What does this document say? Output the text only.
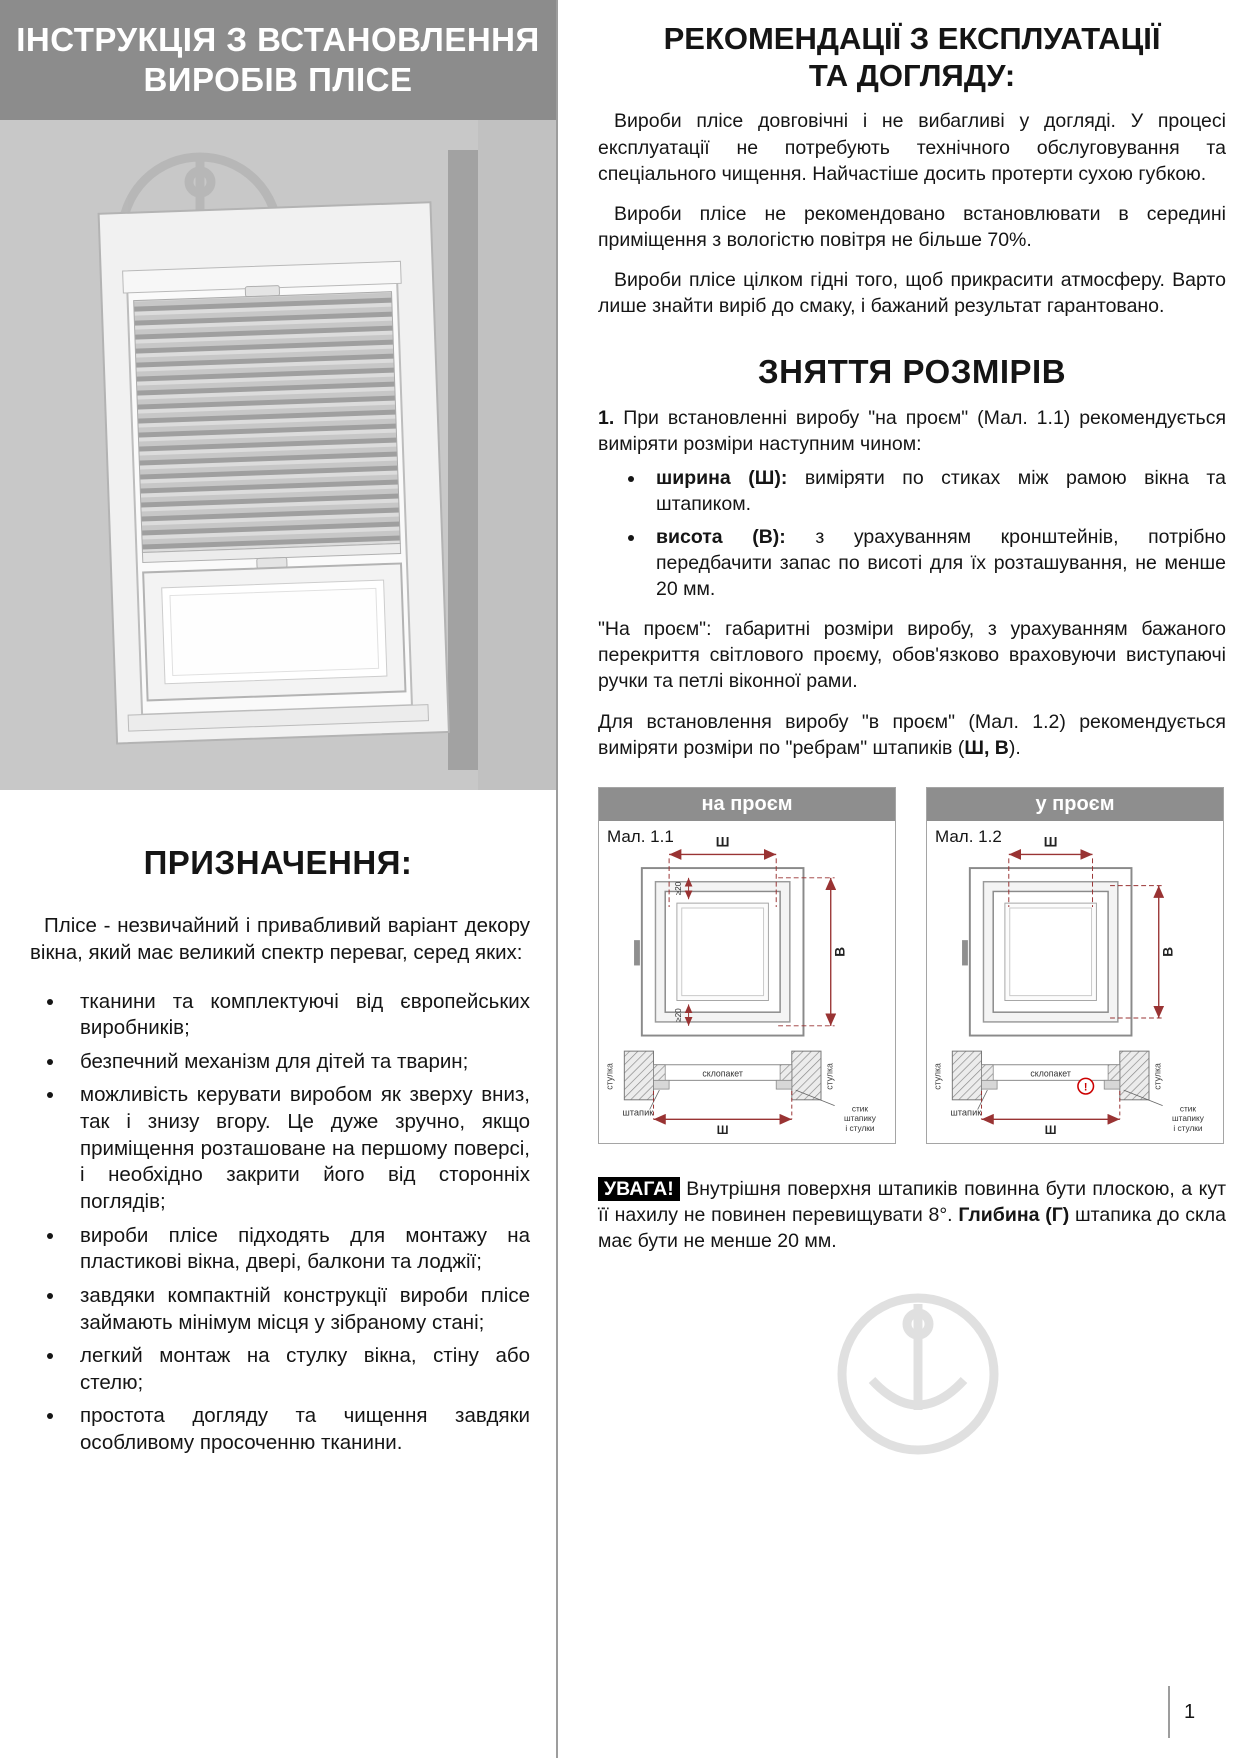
ІНСТРУКЦІЯ З ВСТАНОВЛЕННЯ
ВИРОБІВ ПЛІСЕ
ПРИЗНАЧЕННЯ:

Плісе - незвичайний і привабливий варіант декору вікна, який має великий спектр переваг, серед яких:

• тканини та комплектуючі від європейських виробників;
• безпечний механізм для дітей та тварин;
• можливість керувати виробом як зверху вниз, так і знизу вгору. Це дуже зручно, якщо приміщення розташоване на першому поверсі, і необхідно закрити його від сторонніх поглядів;
• вироби плісе підходять для монтажу на пластикові вікна, двері, балкони та лоджії;
• завдяки компактній конструкції вироби плісе займають мінімум місця у зібраному стані;
• легкий монтаж на стулку вікна, стіну або стелю;
• простота догляду та чищення завдяки особливому просоченню тканини.
РЕКОМЕНДАЦІЇ З ЕКСПЛУАТАЦІЇ
ТА ДОГЛЯДУ:

Вироби плісе довговічні і не вибагливі у догляді. У процесі експлуатації не потребують технічного обслуговування та спеціального чищення. Найчастіше досить протерти сухою губкою.

Вироби плісе не рекомендовано встановлювати в середині приміщення з вологістю повітря не більше 70%.

Вироби плісе цілком гідні того, щоб прикрасити атмосферу. Варто лише знайти виріб до смаку, і бажаний результат гарантовано.

ЗНЯТТЯ РОЗМІРІВ

1. При встановленні виробу "на проєм" (Мал. 1.1) рекомендується виміряти розміри наступним чином:

• ширина (Ш): виміряти по стиках між рамою вікна та штапиком.
• висота (В): з урахуванням кронштейнів, потрібно передбачити запас по висоті для їх розташування, не менше 20 мм.

"На проєм": габаритні розміри виробу, з урахуванням бажаного перекриття світлового проєму, обов'язково враховуючи виступаючі ручки та петлі віконної рами.

Для встановлення виробу "в проєм" (Мал. 1.2) рекомендується виміряти розміри по "ребрам" штапиків (Ш, В).

на проєм
Мал. 1.1	Ш
В
≥20
≥20
стулка	стулка
склопакет
штапик
Ш
стик
штапику
і стулки
у проєм
Мал. 1.2	Ш
В
стулка	стулка
склопакет
!
штапик
Ш
стик
штапику
і стулки

УВАГА! Внутрішня поверхня штапиків повинна бути плоскою, а кут її нахилу не повинен перевищувати 8°. Глибина (Г) штапика до скла має бути не менше 20 мм.

1
